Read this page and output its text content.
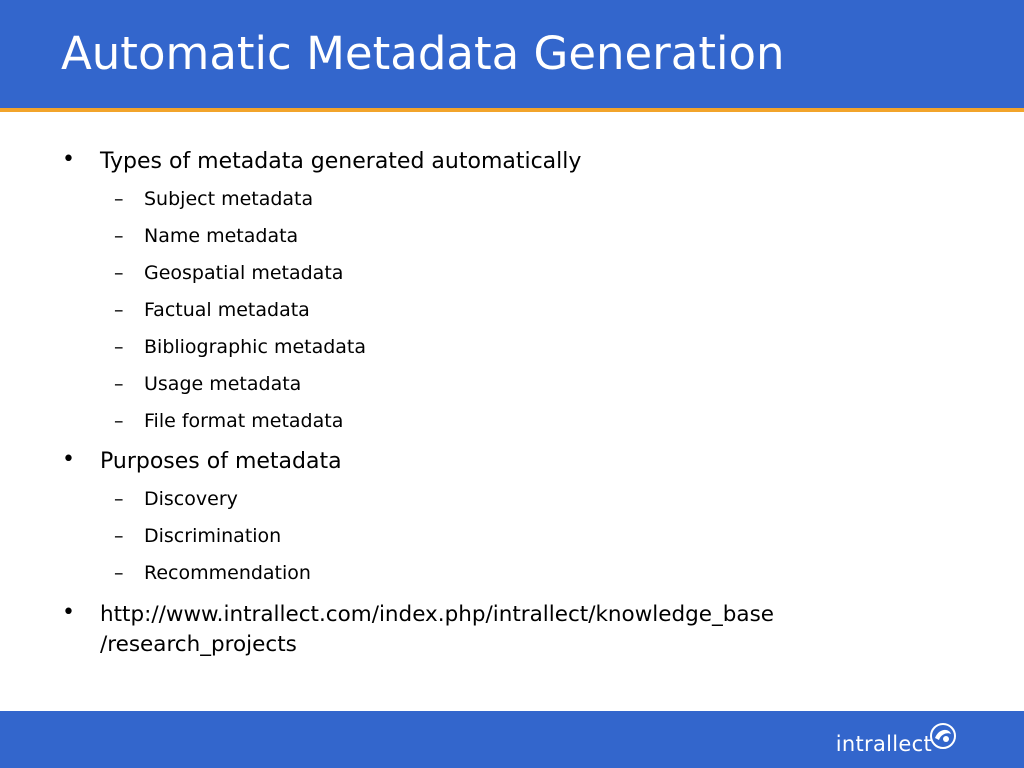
Automatic Metadata Generation
• Types of metadata generated automatically
– Subject metadata
– Name metadata
– Geospatial metadata
– Factual metadata
– Bibliographic metadata
– Usage metadata
– File format metadata
• Purposes of metadata
– Discovery
– Discrimination
– Recommendation
• http://www.intrallect.com/index.php/intrallect/knowledge_base
/research_projects
intrallect
